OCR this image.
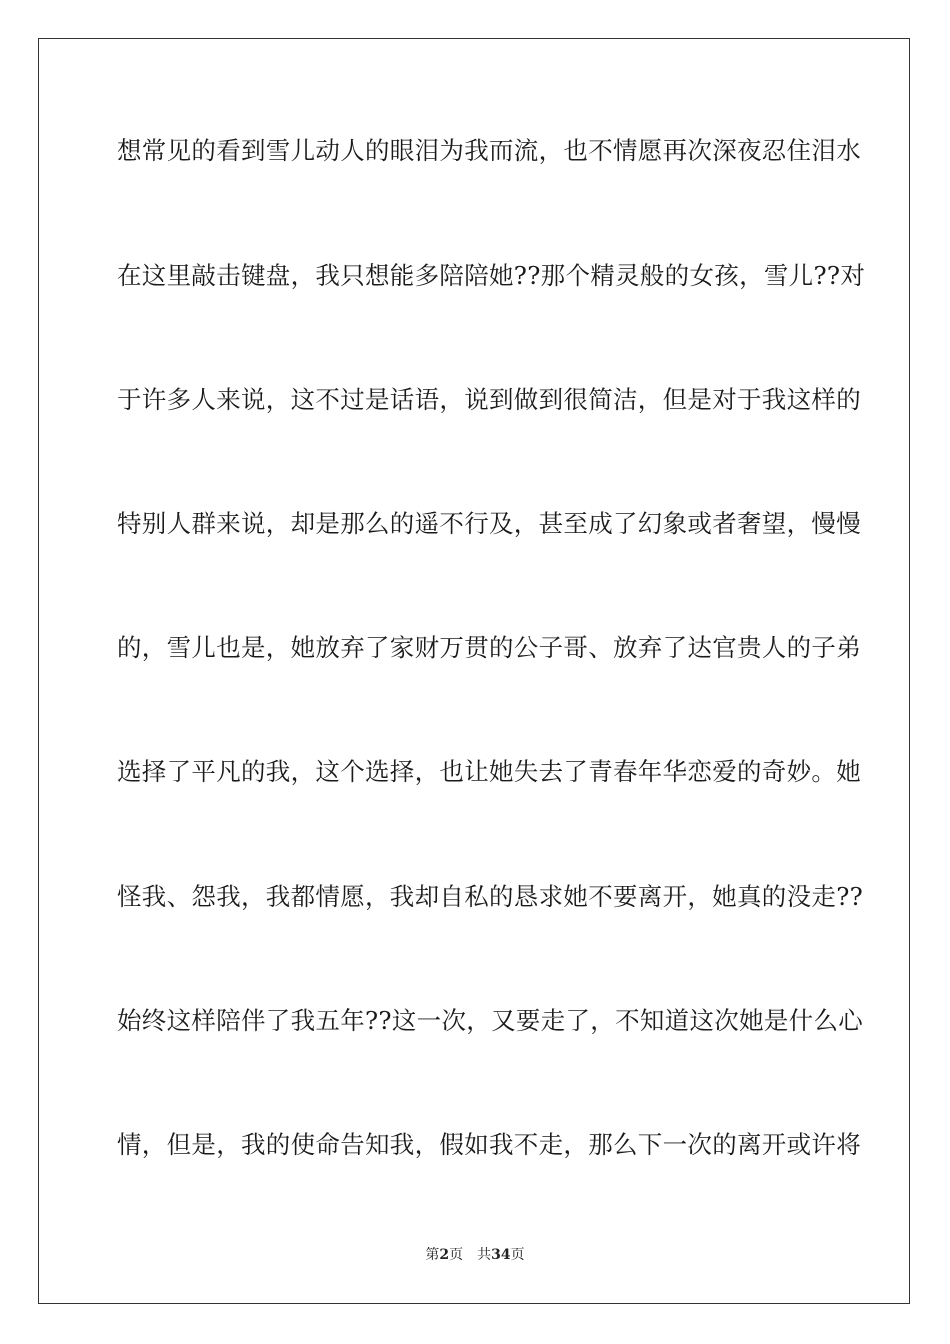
想常见的看到雪儿动人的眼泪为我而流，也不情愿再次深夜忍住泪水
在这里敲击键盘，我只想能多陪陪她??那个精灵般的女孩，雪儿??对
于许多人来说，这不过是话语，说到做到很简洁，但是对于我这样的
特别人群来说，却是那么的遥不行及，甚至成了幻象或者奢望，慢慢
的，雪儿也是，她放弃了家财万贯的公子哥、放弃了达官贵人的子弟
选择了平凡的我，这个选择，也让她失去了青春年华恋爱的奇妙。她
怪我、怨我，我都情愿，我却自私的恳求她不要离开，她真的没走??
始终这样陪伴了我五年??这一次，又要走了，不知道这次她是什么心
情，但是，我的使命告知我，假如我不走，那么下一次的离开或许将
第2页 共34页
